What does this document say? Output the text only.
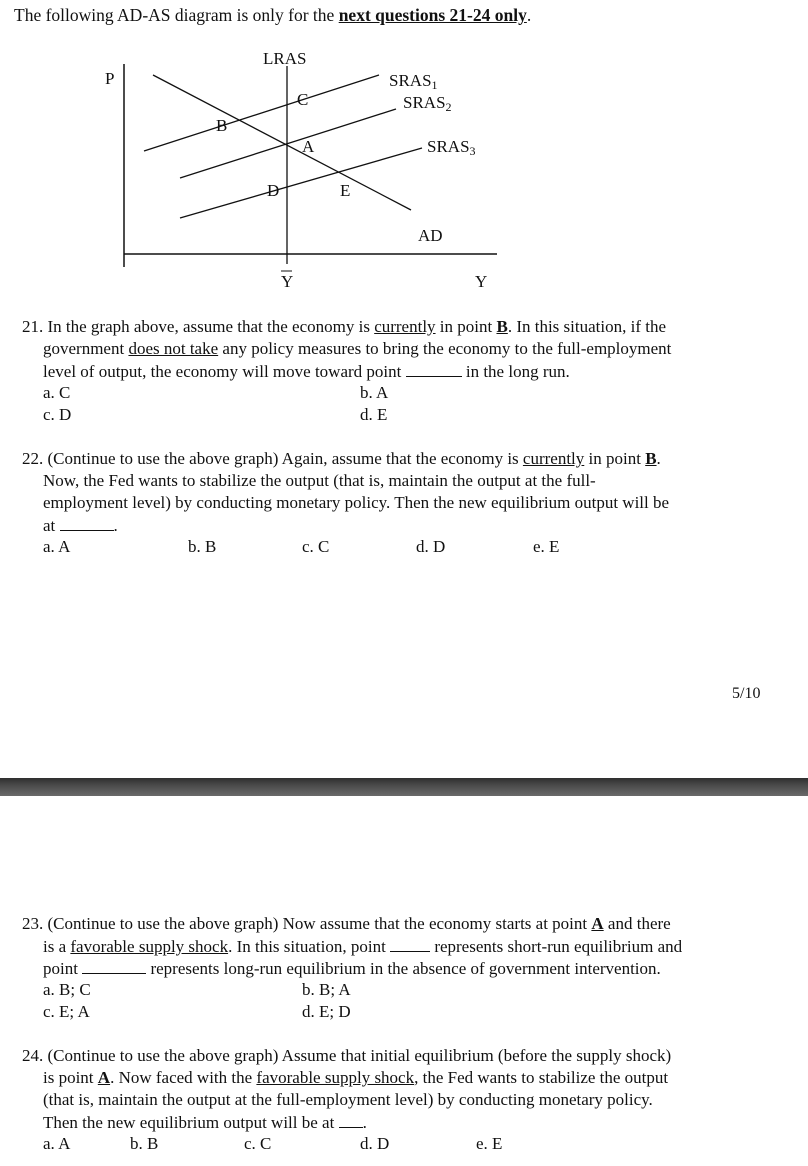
The following AD-AS diagram is only for the next questions 21-24 only.
P
LRAS
SRAS1
SRAS2
SRAS3
AD
Y
Y
C
B
A
D	E
21. In the graph above, assume that the economy is currently in point B. In this situation, if the
government does not take any policy measures to bring the economy to the full-employment
level of output, the economy will move toward point	in the long run.
a. C	b. A
c. D	d. E
22. (Continue to use the above graph) Again, assume that the economy is currently in point B.
Now, the Fed wants to stabilize the output (that is, maintain the output at the full-
employment level) by conducting monetary policy. Then the new equilibrium output will be
at	.
a. A	b. B	c. C	d. D	e. E
5/10
23. (Continue to use the above graph) Now assume that the economy starts at point A and there
is a favorable supply shock. In this situation, point	represents short-run equilibrium and
point	represents long-run equilibrium in the absence of government intervention.
a. B; C	b. B; A
c. E; A	d. E; D
24. (Continue to use the above graph) Assume that initial equilibrium (before the supply shock)
is point A. Now faced with the favorable supply shock, the Fed wants to stabilize the output
(that is, maintain the output at the full-employment level) by conducting monetary policy.
Then the new equilibrium output will be at .
a. A	b. B	c. C	d. D	e. E
